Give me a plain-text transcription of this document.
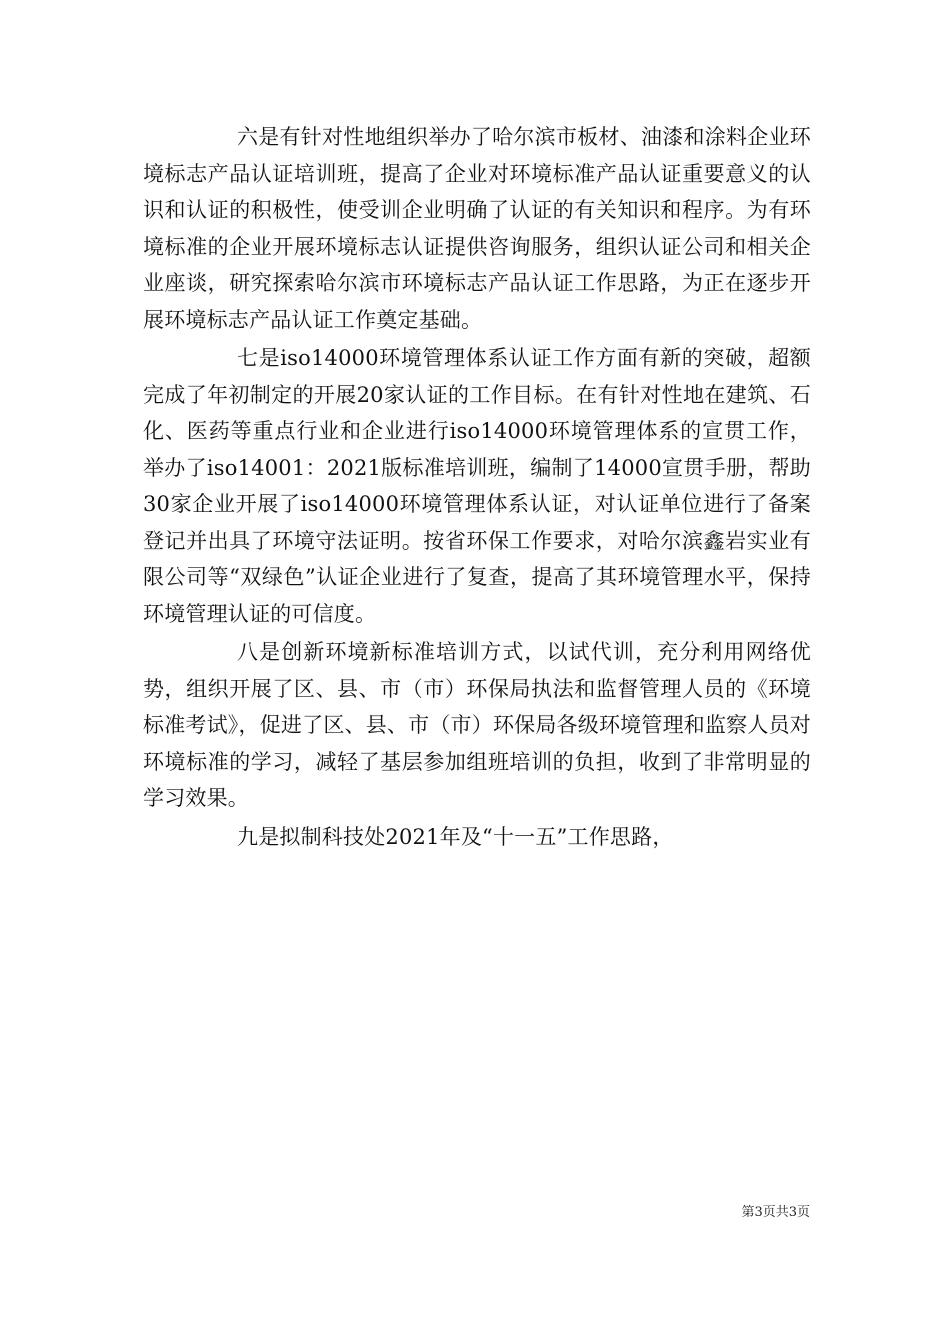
六是有针对性地组织举办了哈尔滨市板材、油漆和涂料企业环境标志产品认证培训班，提高了企业对环境标准产品认证重要意义的认识和认证的积极性，使受训企业明确了认证的有关知识和程序。为有环境标准的企业开展环境标志认证提供咨询服务，组织认证公司和相关企业座谈，研究探索哈尔滨市环境标志产品认证工作思路，为正在逐步开展环境标志产品认证工作奠定基础。

七是iso14000环境管理体系认证工作方面有新的突破，超额完成了年初制定的开展20家认证的工作目标。在有针对性地在建筑、石化、医药等重点行业和企业进行iso14000环境管理体系的宣贯工作，举办了iso14001：2021版标准培训班，编制了14000宣贯手册，帮助30家企业开展了iso14000环境管理体系认证，对认证单位进行了备案登记并出具了环境守法证明。按省环保工作要求，对哈尔滨鑫岩实业有限公司等“双绿色”认证企业进行了复查，提高了其环境管理水平，保持环境管理认证的可信度。

八是创新环境新标准培训方式，以试代训，充分利用网络优势，组织开展了区、县、市（市）环保局执法和监督管理人员的《环境标准考试》，促进了区、县、市（市）环保局各级环境管理和监察人员对环境标准的学习，减轻了基层参加组班培训的负担，收到了非常明显的学习效果。

九是拟制科技处2021年及“十一五”工作思路，

第3页共3页
